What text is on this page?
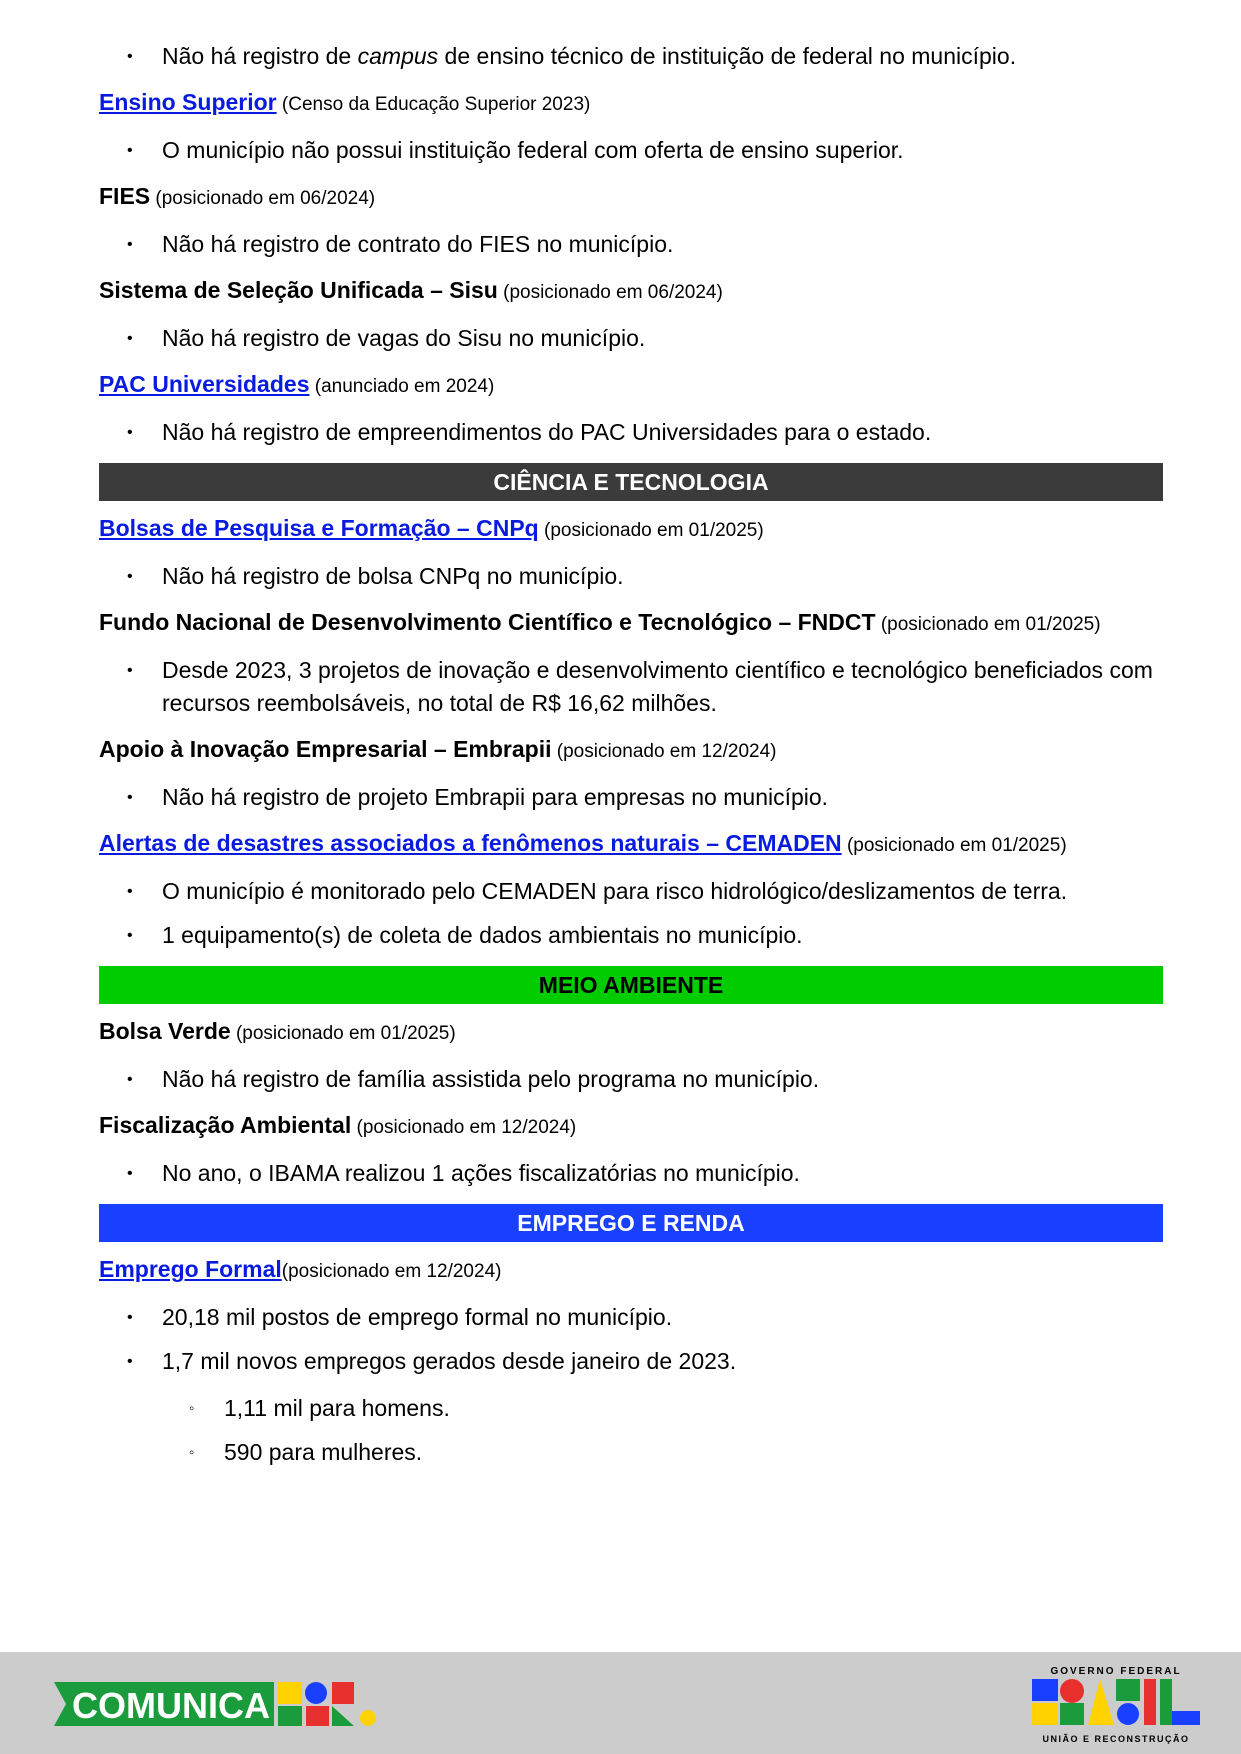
• Não há registro de campus de ensino técnico de instituição de federal no município.

Ensino Superior (Censo da Educação Superior 2023)

• O município não possui instituição federal com oferta de ensino superior.

FIES (posicionado em 06/2024)

• Não há registro de contrato do FIES no município.

Sistema de Seleção Unificada – Sisu (posicionado em 06/2024)

• Não há registro de vagas do Sisu no município.

PAC Universidades (anunciado em 2024)

• Não há registro de empreendimentos do PAC Universidades para o estado.
CIÊNCIA E TECNOLOGIA

Bolsas de Pesquisa e Formação – CNPq (posicionado em 01/2025)

• Não há registro de bolsa CNPq no município.

Fundo Nacional de Desenvolvimento Científico e Tecnológico – FNDCT (posicionado em 01/2025)

• Desde 2023, 3 projetos de inovação e desenvolvimento científico e tecnológico beneficiados com recursos reembolsáveis, no total de R$ 16,62 milhões.

Apoio à Inovação Empresarial – Embrapii (posicionado em 12/2024)

• Não há registro de projeto Embrapii para empresas no município.

Alertas de desastres associados a fenômenos naturais – CEMADEN (posicionado em 01/2025)

• O município é monitorado pelo CEMADEN para risco hidrológico/deslizamentos de terra.
• 1 equipamento(s) de coleta de dados ambientais no município.
MEIO AMBIENTE

Bolsa Verde (posicionado em 01/2025)

• Não há registro de família assistida pelo programa no município.

Fiscalização Ambiental (posicionado em 12/2024)

• No ano, o IBAMA realizou 1 ações fiscalizatórias no município.
EMPREGO E RENDA

Emprego Formal(posicionado em 12/2024)

• 20,18 mil postos de emprego formal no município.
• 1,7 mil novos empregos gerados desde janeiro de 2023.
◦ 1,11 mil para homens.
◦ 590 para mulheres.
COMUNICA
GOVERNO FEDERAL
UNIÃO E RECONSTRUÇÃO
